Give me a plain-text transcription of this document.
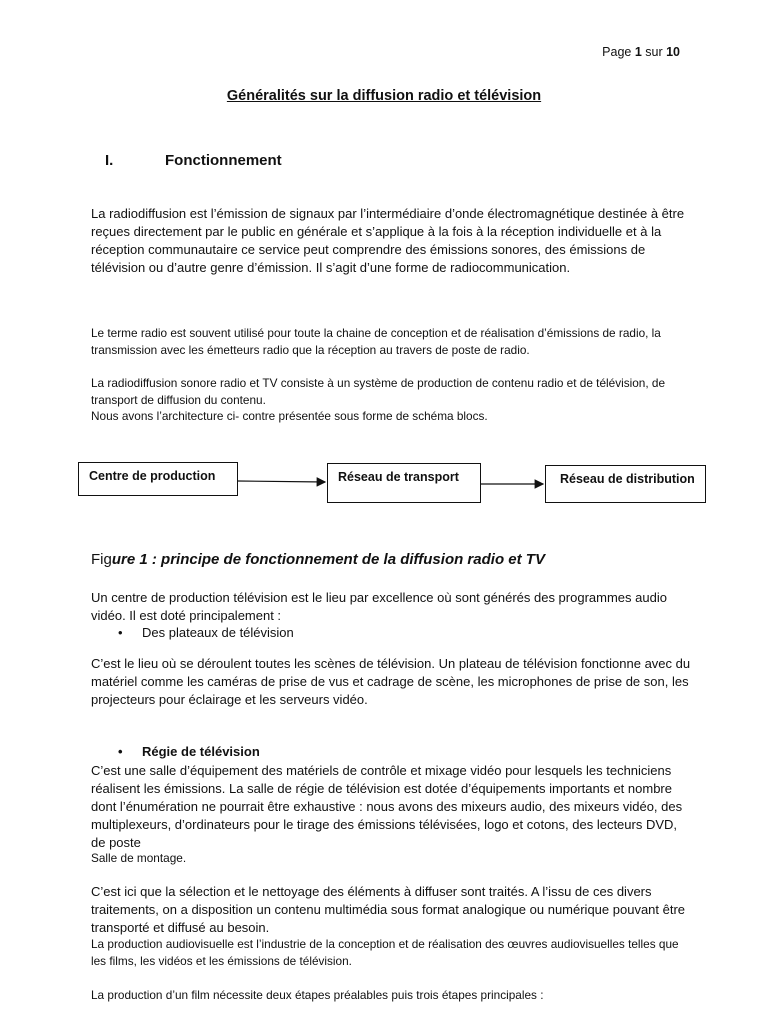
Page 1 sur 10
Généralités sur la diffusion radio et télévision
I.	Fonctionnement

La radiodiffusion est l’émission de signaux par l’intermédiaire d’onde électromagnétique destinée à être reçues directement par le public en générale et s’applique à la fois à la réception individuelle et à la réception communautaire ce service peut comprendre des émissions sonores, des émissions de télévision ou d’autre genre d’émission. Il s’agit d’une forme de radiocommunication.

Le terme radio est souvent utilisé pour toute la chaine de conception et de réalisation d’émissions de radio, la transmission avec les émetteurs radio que la réception au travers de poste de radio.

La radiodiffusion sonore radio et TV consiste à un système de production de contenu radio et de télévision, de transport de diffusion du contenu.
Nous avons l’architecture ci- contre présentée sous forme de schéma blocs.
Centre de production	Réseau de transport	Réseau de distribution
Figure 1 : principe de fonctionnement de la diffusion radio et TV

Un centre de production télévision est le lieu par excellence où sont générés des programmes audio vidéo. Il est doté principalement :

• Des plateaux de télévision

C’est le lieu où se déroulent toutes les scènes de télévision. Un plateau de télévision fonctionne avec du matériel comme les caméras de prise de vus et cadrage de scène, les microphones de prise de son, les projecteurs pour éclairage et les serveurs vidéo.

• Régie de télévision

C’est une salle d’équipement des matériels de contrôle et mixage vidéo pour lesquels les techniciens réalisent les émissions. La salle de régie de télévision est dotée d’équipements importants et nombre dont l’énumération ne pourrait être exhaustive : nous avons des mixeurs audio, des mixeurs vidéo, des multiplexeurs, d’ordinateurs pour le tirage des émissions télévisées, logo et cotons, des lecteurs DVD, de poste

Salle de montage.

C’est ici que la sélection et le nettoyage des éléments à diffuser sont traités. A l’issu de ces divers traitements, on a disposition un contenu multimédia sous format analogique ou numérique pouvant être transporté et diffusé au besoin.

La production audiovisuelle est l’industrie de la conception et de réalisation des œuvres audiovisuelles telles que les films, les vidéos et les émissions de télévision.

La production d’un film nécessite deux étapes préalables puis trois étapes principales :
